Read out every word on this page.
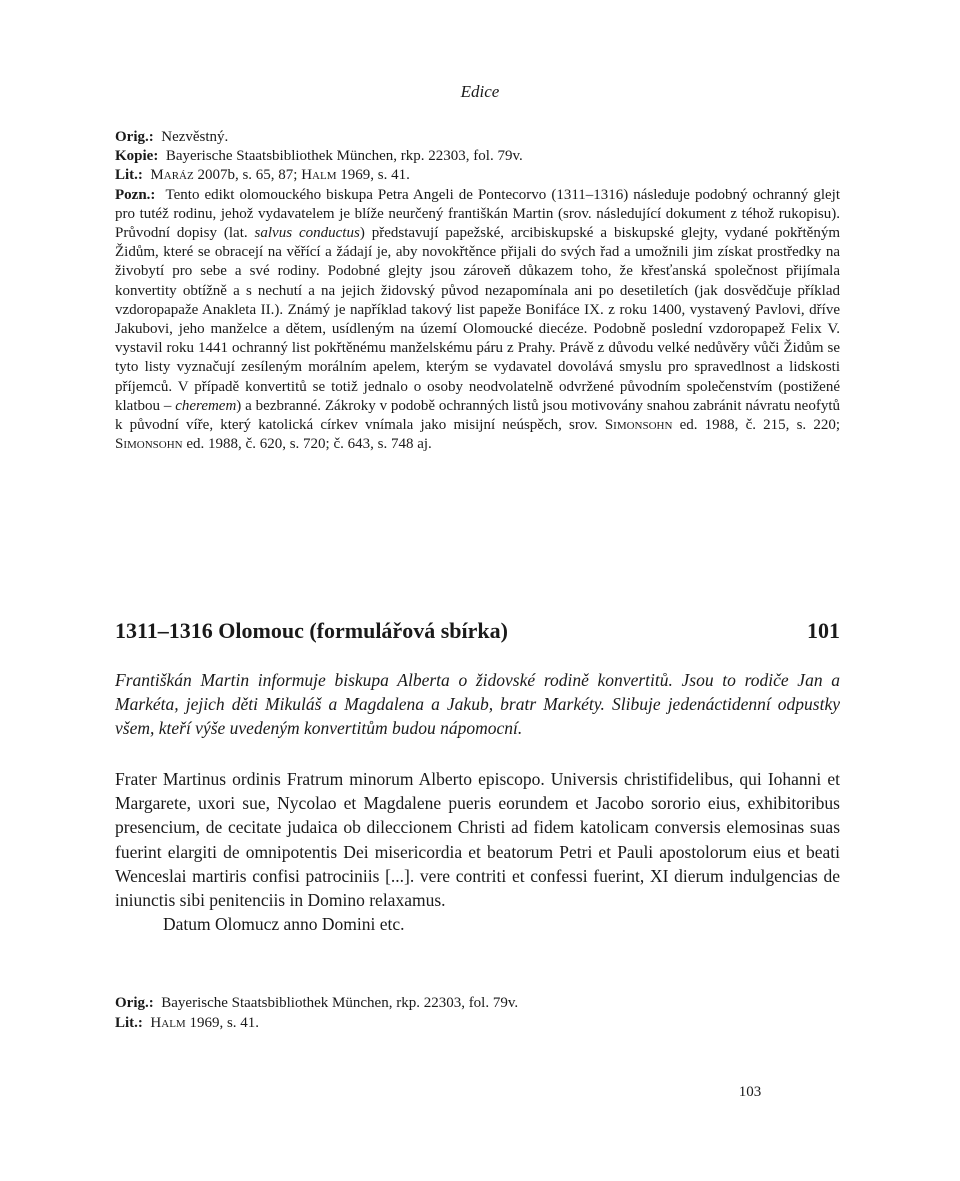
Edice

Orig.: Nezvěstný.

Kopie: Bayerische Staatsbibliothek München, rkp. 22303, fol. 79v.

Lit.: Maráz 2007b, s. 65, 87; Halm 1969, s. 41.

Pozn.: Tento edikt olomouckého biskupa Petra Angeli de Pontecorvo (1311–1316) následuje podobný ochranný glejt pro tutéž rodinu, jehož vydavatelem je blíže neurčený františkán Martin (srov. následující dokument z téhož rukopisu). Průvodní dopisy (lat. salvus conductus) představují papežské, arcibiskupské a biskupské glejty, vydané pokřtěným Židům, které se obracejí na věřící a žádají je, aby novokřtěnce přijali do svých řad a umožnili jim získat prostředky na živobytí pro sebe a své rodiny. Podobné glejty jsou zároveň důkazem toho, že křesťanská společnost přijímala konvertity obtížně a s nechutí a na jejich židovský původ nezapomínala ani po desetiletích (jak dosvědčuje příklad vzdoropapaže Anakleta II.). Známý je například takový list papeže Bonifáce IX. z roku 1400, vystavený Pavlovi, dříve Jakubovi, jeho manželce a dětem, usídleným na území Olomoucké diecéze. Podobně poslední vzdoropapež Felix V. vystavil roku 1441 ochranný list pokřtěnému manželskému páru z Prahy. Právě z důvodu velké nedůvěry vůči Židům se tyto listy vyznačují zesíleným morálním apelem, kterým se vydavatel dovolává smyslu pro spravedlnost a lidskosti příjemců. V případě konvertitů se totiž jednalo o osoby neodvolatelně odvržené původním společenstvím (postižené klatbou – cheremem) a bezbranné. Zákroky v podobě ochranných listů jsou motivovány snahou zabránit návratu neofytů k původní víře, který katolická církev vnímala jako misijní neúspěch, srov. Simonsohn ed. 1988, č. 215, s. 220; Simonsohn ed. 1988, č. 620, s. 720; č. 643, s. 748 aj.

1311–1316 Olomouc (formulářová sbírka)	101

Františkán Martin informuje biskupa Alberta o židovské rodině konvertitů. Jsou to rodiče Jan a Markéta, jejich děti Mikuláš a Magdalena a Jakub, bratr Markéty. Slibuje jedenáctidenní odpustky všem, kteří výše uvedeným konvertitům budou nápomocní.

Frater Martinus ordinis Fratrum minorum Alberto episcopo. Universis christifidelibus, qui Iohanni et Margarete, uxori sue, Nycolao et Magdalene pueris eorundem et Jacobo sororio eius, exhibitoribus presencium, de cecitate judaica ob dileccionem Christi ad fidem katolicam conversis elemosinas suas fuerint elargiti de omnipotentis Dei misericordia et beatorum Petri et Pauli apostolorum eius et beati Wenceslai martiris confisi patrociniis [...]. vere contriti et confessi fuerint, XI dierum indulgencias de iniunctis sibi penitenciis in Domino relaxamus.

Datum Olomucz anno Domini etc.

Orig.: Bayerische Staatsbibliothek München, rkp. 22303, fol. 79v.

Lit.: Halm 1969, s. 41.

103
